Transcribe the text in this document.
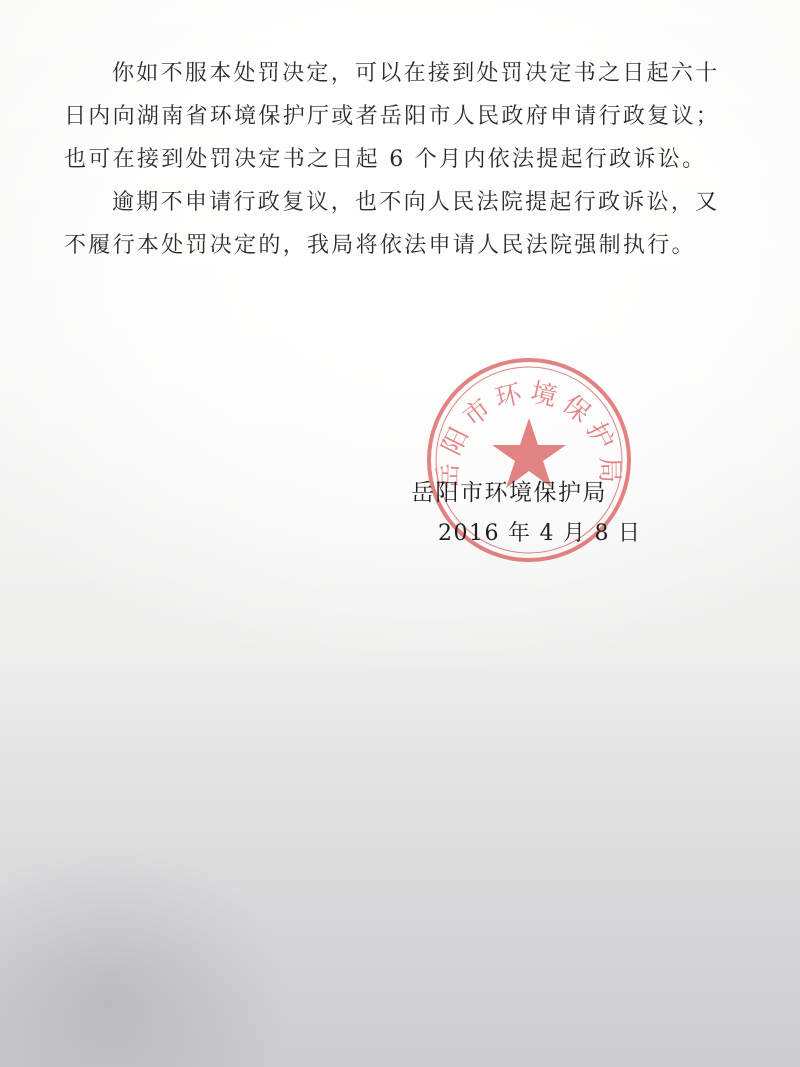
你如不服本处罚决定，可以在接到处罚决定书之日起六十日内向湖南省环境保护厅或者岳阳市人民政府申请行政复议；也可在接到处罚决定书之日起 6 个月内依法提起行政诉讼。

逾期不申请行政复议，也不向人民法院提起行政诉讼，又不履行本处罚决定的，我局将依法申请人民法院强制执行。

岳阳市环境保护局
岳阳市环境保护局
2016 年 4 月 8 日
